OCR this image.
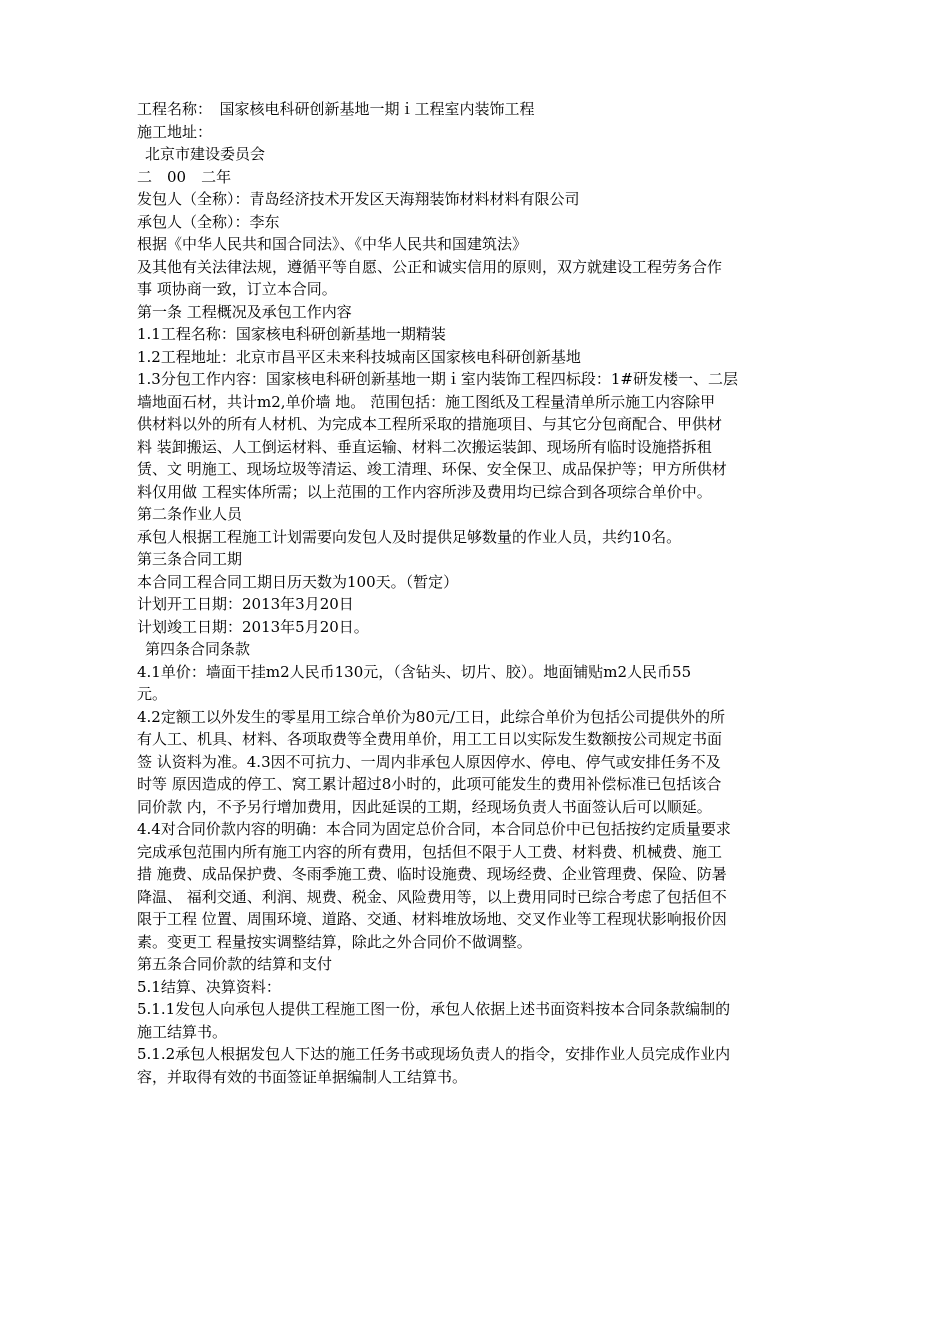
工程名称：　国家核电科研创新基地一期ｉ工程室内装饰工程
施工地址：
北京市建设委员会
二　00　二年
发包人（全称）：青岛经济技术开发区天海翔装饰材料材料有限公司
承包人（全称）：李东
根据《中华人民共和国合同法》、《中华人民共和国建筑法》
及其他有关法律法规，遵循平等自愿、公正和诚实信用的原则，双方就建设工程劳务合作
事 项协商一致，订立本合同。
第一条 工程概况及承包工作内容
1.1工程名称：国家核电科研创新基地一期精装
1.2工程地址：北京市昌平区未来科技城南区国家核电科研创新基地
1.3分包工作内容：国家核电科研创新基地一期ｉ室内装饰工程四标段：1#研发楼一、二层
墙地面石材，共计m2,单价墙 地。 范围包括：施工图纸及工程量清单所示施工内容除甲
供材料以外的所有人材机、为完成本工程所采取的措施项目、与其它分包商配合、甲供材
料 装卸搬运、人工倒运材料、垂直运输、材料二次搬运装卸、现场所有临时设施搭拆租
赁、文 明施工、现场垃圾等清运、竣工清理、环保、安全保卫、成品保护等；甲方所供材
料仅用做 工程实体所需；以上范围的工作内容所涉及费用均已综合到各项综合单价中。
第二条作业人员
承包人根据工程施工计划需要向发包人及时提供足够数量的作业人员，共约10名。
第三条合同工期
本合同工程合同工期日历天数为100天。（暂定）
计划开工日期：2013年3月20日
计划竣工日期：2013年5月20日。
第四条合同条款
4.1单价：墙面干挂m2人民币130元，（含钻头、切片、胶）。地面铺贴m2人民币55
元。
4.2定额工以外发生的零星用工综合单价为80元/工日，此综合单价为包括公司提供外的所
有人工、机具、材料、各项取费等全费用单价，用工工日以实际发生数额按公司规定书面
签 认资料为准。4.3因不可抗力、一周内非承包人原因停水、停电、停气或安排任务不及
时等 原因造成的停工、窝工累计超过8小时的，此项可能发生的费用补偿标准已包括该合
同价款 内，不予另行增加费用，因此延误的工期，经现场负责人书面签认后可以顺延。
4.4对合同价款内容的明确：本合同为固定总价合同，本合同总价中已包括按约定质量要求
完成承包范围内所有施工内容的所有费用，包括但不限于人工费、材料费、机械费、施工
措 施费、成品保护费、冬雨季施工费、临时设施费、现场经费、企业管理费、保险、防暑
降温、 福利交通、利润、规费、税金、风险费用等，以上费用同时已综合考虑了包括但不
限于工程 位置、周围环境、道路、交通、材料堆放场地、交叉作业等工程现状影响报价因
素。变更工 程量按实调整结算，除此之外合同价不做调整。
第五条合同价款的结算和支付
5.1结算、决算资料：
5.1.1发包人向承包人提供工程施工图一份，承包人依据上述书面资料按本合同条款编制的
施工结算书。
5.1.2承包人根据发包人下达的施工任务书或现场负责人的指令，安排作业人员完成作业内
容，并取得有效的书面签证单据编制人工结算书。
